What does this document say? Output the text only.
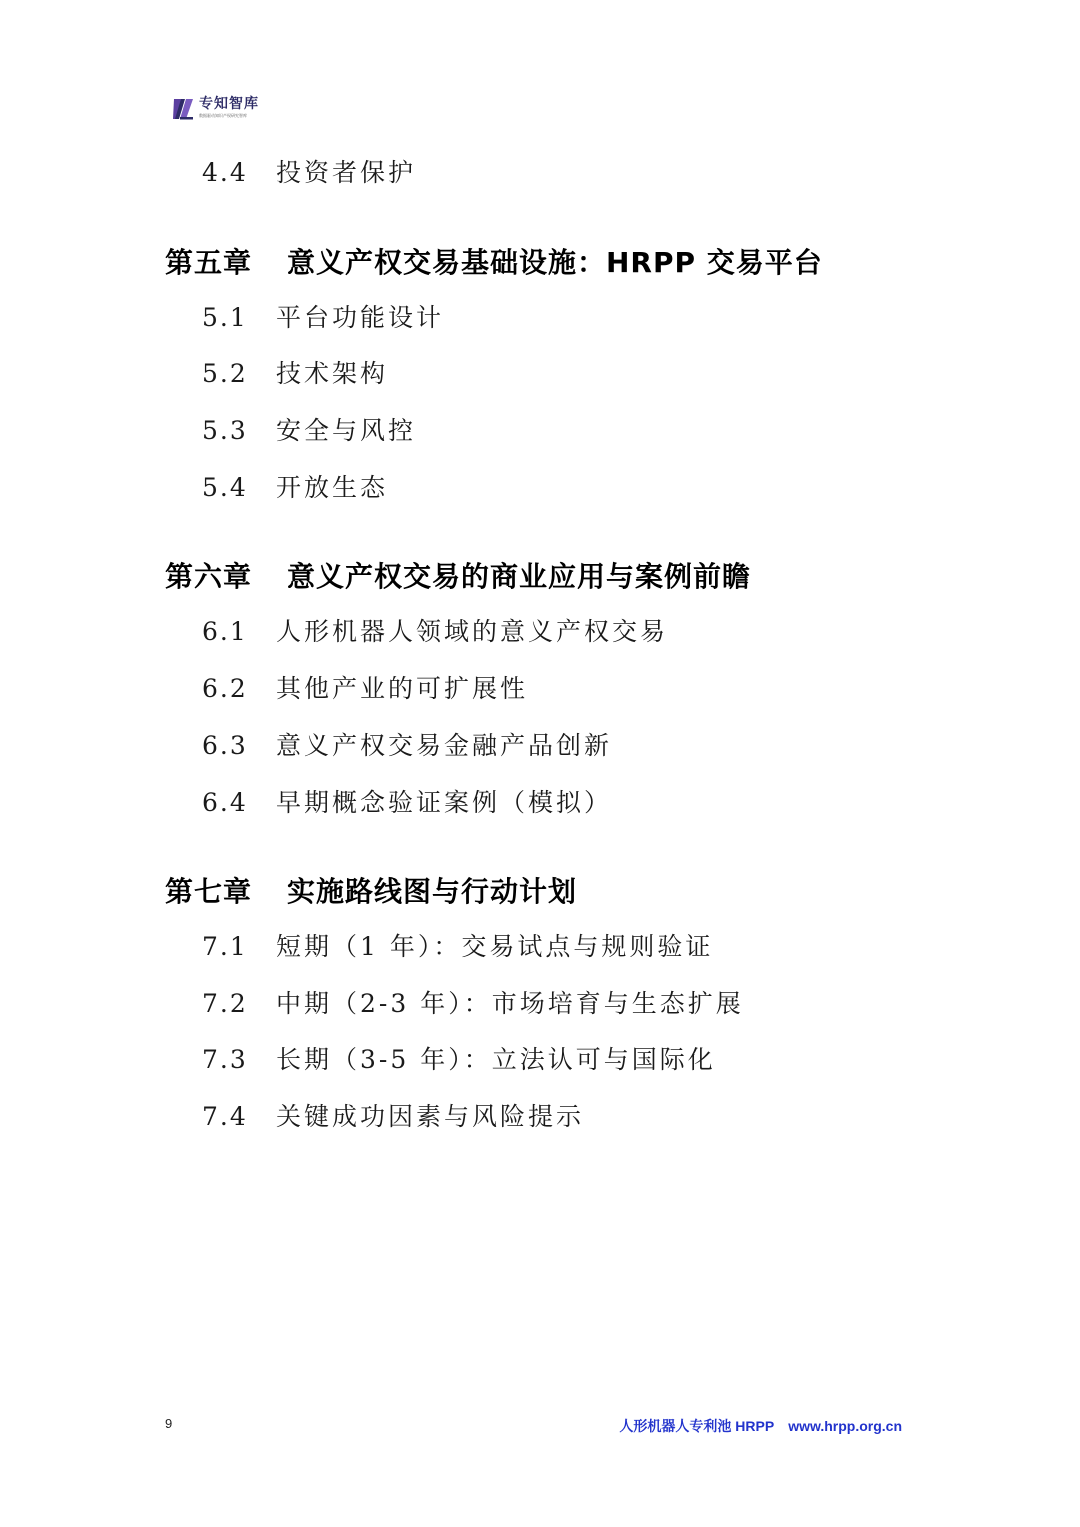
专知智库
数据驱动知识产权研究智库
4.4 投资者保护
第五章 意义产权交易基础设施：HRPP 交易平台
5.1 平台功能设计
5.2 技术架构
5.3 安全与风控
5.4 开放生态
第六章 意义产权交易的商业应用与案例前瞻
6.1 人形机器人领域的意义产权交易
6.2 其他产业的可扩展性
6.3 意义产权交易金融产品创新
6.4 早期概念验证案例（模拟）
第七章 实施路线图与行动计划
7.1 短期（1 年）：交易试点与规则验证
7.2 中期（2-3 年）：市场培育与生态扩展
7.3 长期（3-5 年）：立法认可与国际化
7.4 关键成功因素与风险提示
9	人形机器人专利池 HRPP www.hrpp.org.cn
